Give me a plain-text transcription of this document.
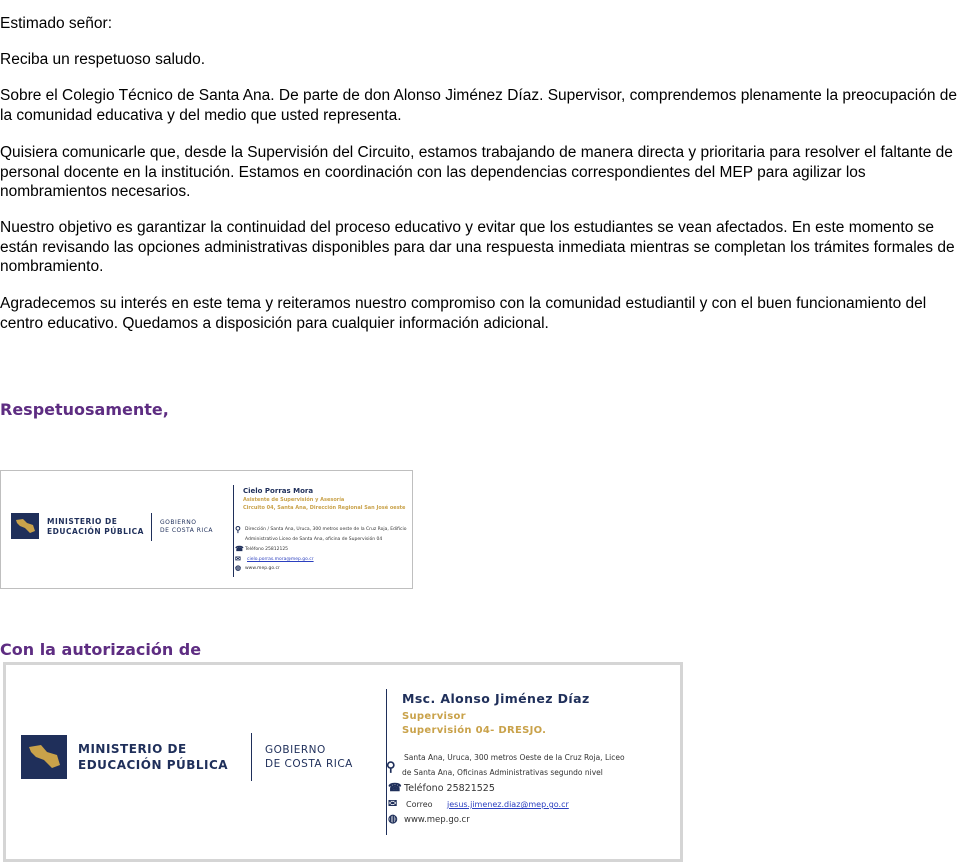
Estimado señor:

Reciba un respetuoso saludo.

Sobre el Colegio Técnico de Santa Ana. De parte de don Alonso Jiménez Díaz. Supervisor, comprendemos plenamente la preocupación de la comunidad educativa y del medio que usted representa.

Quisiera comunicarle que, desde la Supervisión del Circuito, estamos trabajando de manera directa y prioritaria para resolver el faltante de personal docente en la institución. Estamos en coordinación con las dependencias correspondientes del MEP para agilizar los nombramientos necesarios.

Nuestro objetivo es garantizar la continuidad del proceso educativo y evitar que los estudiantes se vean afectados. En este momento se están revisando las opciones administrativas disponibles para dar una respuesta inmediata mientras se completan los trámites formales de nombramiento.

Agradecemos su interés en este tema y reiteramos nuestro compromiso con la comunidad estudiantil y con el buen funcionamiento del centro educativo. Quedamos a disposición para cualquier información adicional.

Respetuosamente,

MINISTERIO DE
EDUCACIÓN PÚBLICA
GOBIERNO
DE COSTA RICA
Cielo Porras Mora
Asistente de Supervisión y Asesoría
Circuito 04, Santa Ana, Dirección Regional San José oeste
⚲ Dirección / Santa Ana, Uruca, 300 metros oeste de la Cruz Roja, Edificio
Administrativo Liceo de Santa Ana, oficina de Supervisión 04
☎ Teléfono 25812125
✉ cielo.porras.mora@mep.go.cr
◍ www.mep.go.cr

Con la autorización de

MINISTERIO DE
EDUCACIÓN PÚBLICA
GOBIERNO
DE COSTA RICA
Msc. Alonso Jiménez Díaz
Supervisor
Supervisión 04- DRESJO.
Santa Ana, Uruca, 300 metros Oeste de la Cruz Roja, Liceo
⚲ de Santa Ana, Oficinas Administrativas segundo nivel
☎ Teléfono 25821525
✉ Correo jesus.jimenez.diaz@mep.go.cr
◍ www.mep.go.cr
